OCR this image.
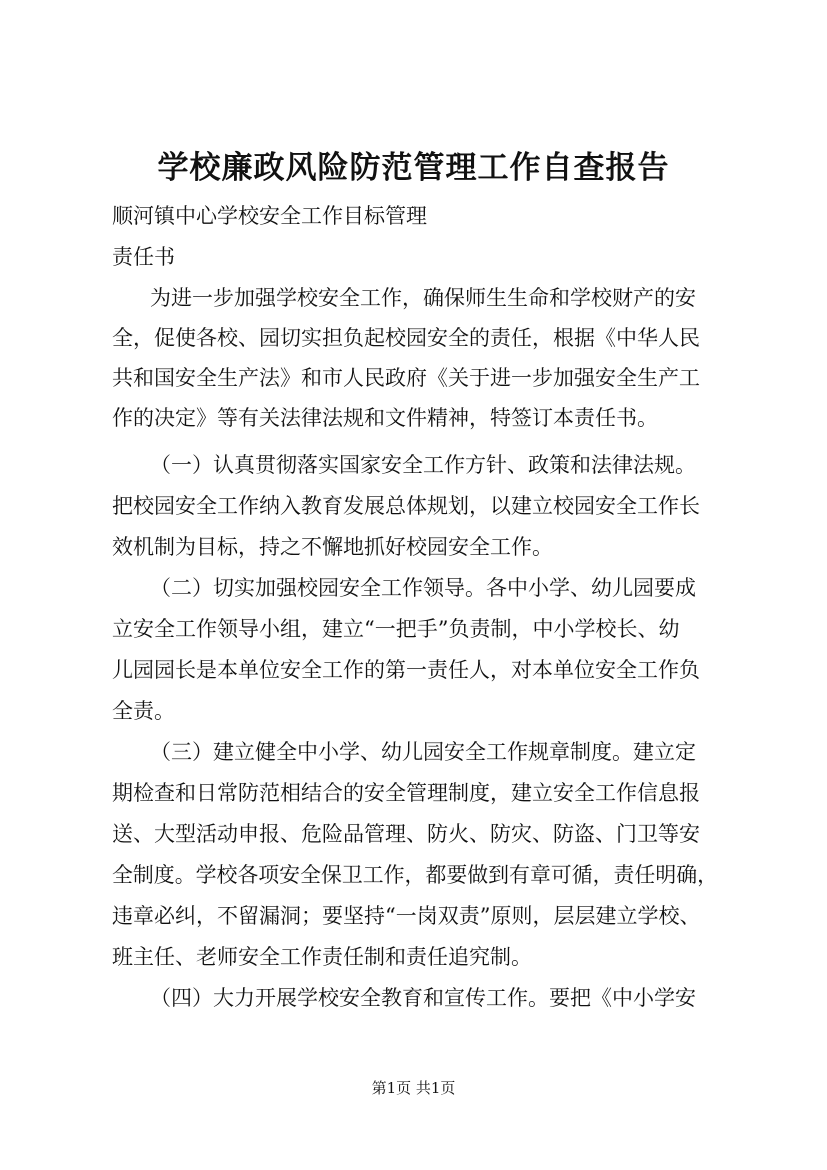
学校廉政风险防范管理工作自查报告

顺河镇中心学校安全工作目标管理

责任书

为进一步加强学校安全工作，确保师生生命和学校财产的安

全，促使各校、园切实担负起校园安全的责任，根据《中华人民

共和国安全生产法》和市人民政府《关于进一步加强安全生产工

作的决定》等有关法律法规和文件精神，特签订本责任书。

（一）认真贯彻落实国家安全工作方针、政策和法律法规。

把校园安全工作纳入教育发展总体规划，以建立校园安全工作长

效机制为目标，持之不懈地抓好校园安全工作。

（二）切实加强校园安全工作领导。各中小学、幼儿园要成

立安全工作领导小组，建立“一把手”负责制，中小学校长、幼

儿园园长是本单位安全工作的第一责任人，对本单位安全工作负

全责。

（三）建立健全中小学、幼儿园安全工作规章制度。建立定

期检查和日常防范相结合的安全管理制度，建立安全工作信息报

送、大型活动申报、危险品管理、防火、防灾、防盗、门卫等安

全制度。学校各项安全保卫工作，都要做到有章可循，责任明确，

违章必纠，不留漏洞；要坚持“一岗双责”原则，层层建立学校、

班主任、老师安全工作责任制和责任追究制。

（四）大力开展学校安全教育和宣传工作。要把《中小学安

第1页 共1页
